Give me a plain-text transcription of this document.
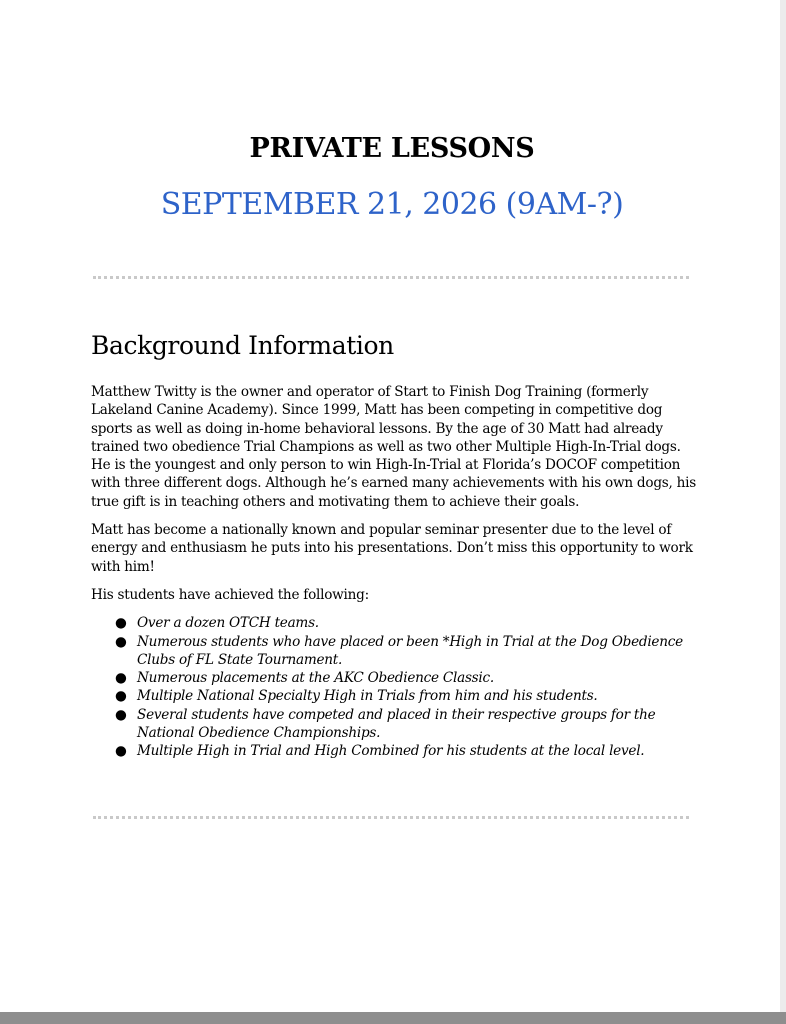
PRIVATE LESSONS
SEPTEMBER 21, 2026 (9AM-?)
Background Information

Matthew Twitty is the owner and operator of Start to Finish Dog Training (formerly Lakeland Canine Academy). Since 1999, Matt has been competing in competitive dog sports as well as doing in-home behavioral lessons. By the age of 30 Matt had already trained two obedience Trial Champions as well as two other Multiple High-In-Trial dogs. He is the youngest and only person to win High-In-Trial at Florida’s DOCOF competition with three different dogs. Although he’s earned many achievements with his own dogs, his true gift is in teaching others and motivating them to achieve their goals.

Matt has become a nationally known and popular seminar presenter due to the level of energy and enthusiasm he puts into his presentations. Don’t miss this opportunity to work with him!

His students have achieved the following:

● Over a dozen OTCH teams.
● Numerous students who have placed or been *High in Trial at the Dog Obedience Clubs of FL State Tournament.
● Numerous placements at the AKC Obedience Classic.
● Multiple National Specialty High in Trials from him and his students.
● Several students have competed and placed in their respective groups for the National Obedience Championships.
● Multiple High in Trial and High Combined for his students at the local level.
